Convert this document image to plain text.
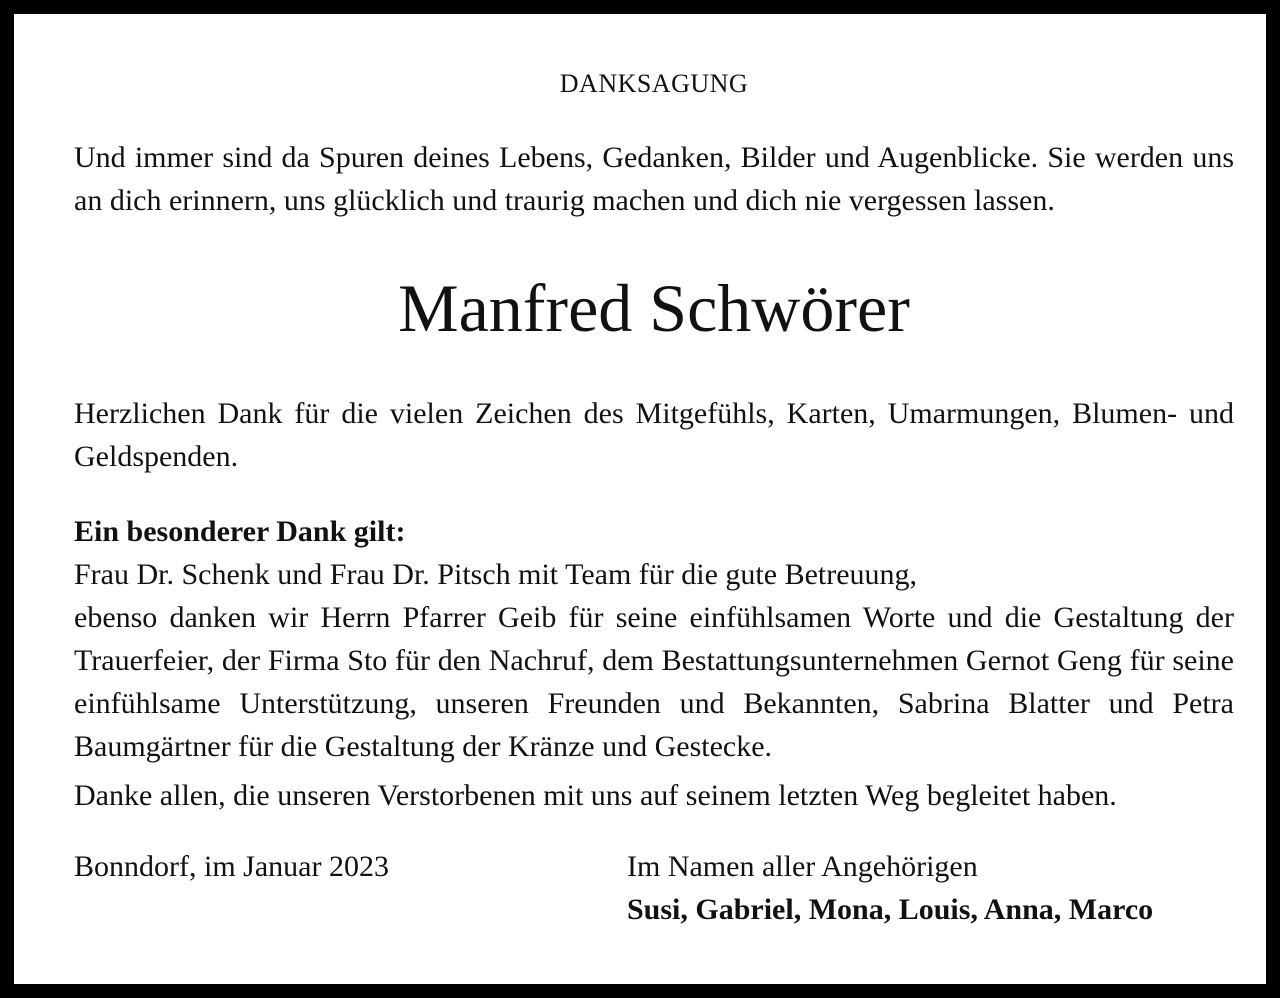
DANKSAGUNG

Und immer sind da Spuren deines Lebens, Gedanken, Bilder und Augenblicke. Sie werden uns an dich erinnern, uns glücklich und traurig machen und dich nie vergessen lassen.

Manfred Schwörer

Herzlichen Dank für die vielen Zeichen des Mitgefühls, Karten, Umarmungen, Blumen- und Geldspenden.

Ein besonderer Dank gilt:

Frau Dr. Schenk und Frau Dr. Pitsch mit Team für die gute Betreuung,

ebenso danken wir Herrn Pfarrer Geib für seine einfühlsamen Worte und die Gestaltung der Trauerfeier, der Firma Sto für den Nachruf, dem Bestattungsunternehmen Gernot Geng für seine einfühlsame Unterstützung, unseren Freunden und Bekannten, Sabrina Blatter und Petra Baumgärtner für die Gestaltung der Kränze und Gestecke.

Danke allen, die unseren Verstorbenen mit uns auf seinem letzten Weg begleitet haben.

Bonndorf, im Januar 2023	Im Namen aller Angehörigen
Susi, Gabriel, Mona, Louis, Anna, Marco
